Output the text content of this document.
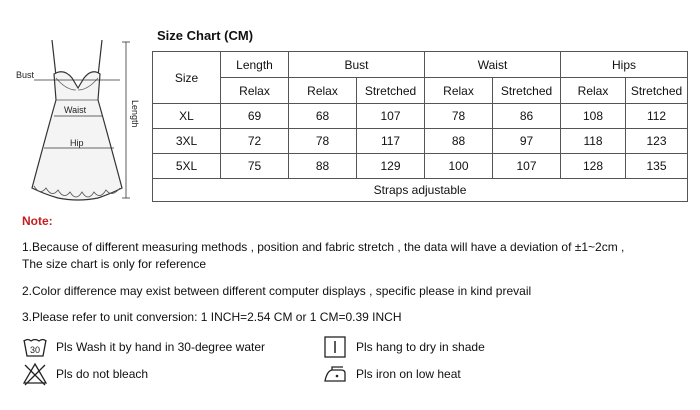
Bust
Waist
Hip
Length
Size Chart (CM)
Size	Length	Bust		Waist		Hips	
	Relax	Relax	Stretched	Relax	Stretched	Relax	Stretched
XL	69	68	107	78	86	108	112
3XL	72	78	117	88	97	118	123
5XL	75	88	129	100	107	128	135
Straps adjustable							
Note:
1.Because of different measuring methods , position and fabric stretch , the data will have a deviation of ±1~2cm ,
The size chart is only for reference
2.Color difference may exist between different computer displays , specific please in kind prevail
3.Please refer to unit conversion: 1 INCH=2.54 CM or 1 CM=0.39 INCH
30 Pls Wash it by hand in 30-degree water	Pls hang to dry in shade
Pls do not bleach	Pls iron on low heat
